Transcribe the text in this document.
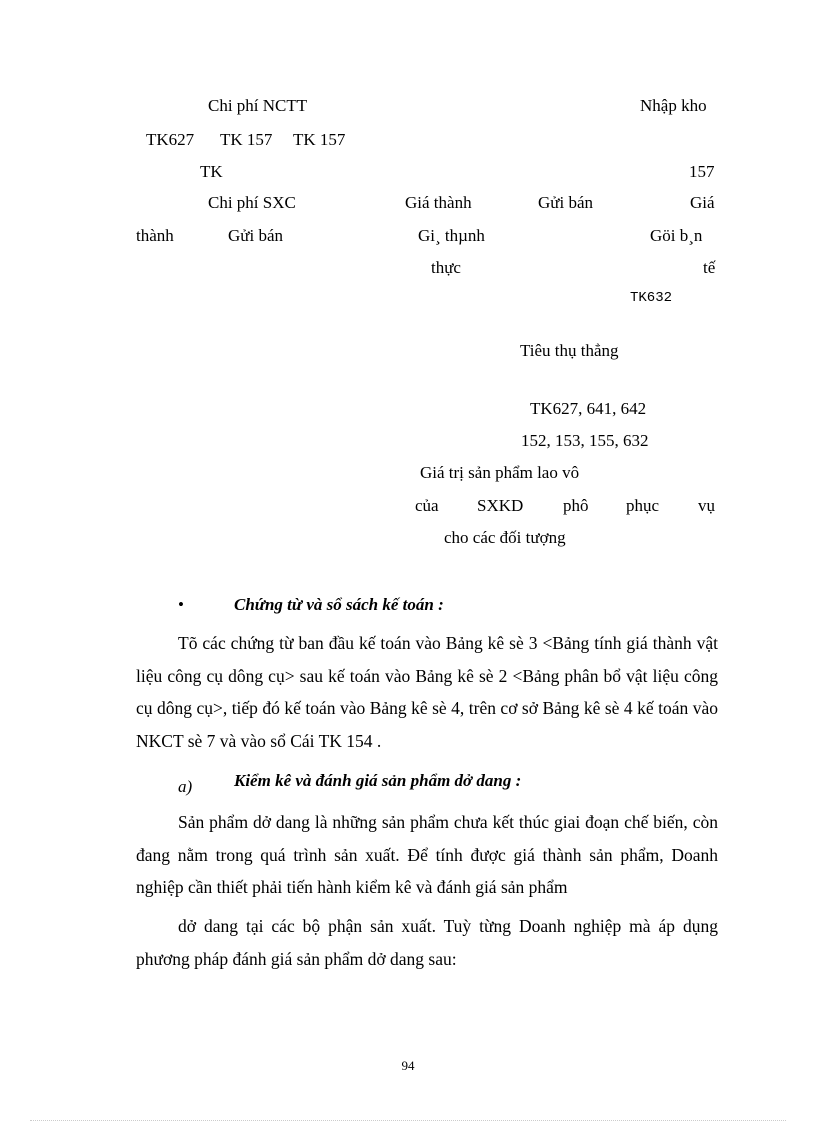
Chi phí NCTT	Nhập kho
TK627 TK 157 TK 157
TK	157
Chi phí SXC	Giá thành	Gửi bán	Giá
thành	Gửi bán	Gi¸ thµnh	Göi b¸n
thực	tế
TK632
Tiêu thụ thẳng
TK627, 641, 642
152, 153, 155, 632
Giá trị sản phẩm lao vô
của SXKD phô phục vụ
cho các đối tượng
•	Chứng từ và sổ sách kế toán :
Tõ các chứng từ ban đầu kế toán vào Bảng kê sè 3 <Bảng tính giá thành vật liệu công cụ dông cụ> sau kế toán vào Bảng kê sè 2 <Bảng phân bổ vật liệu công cụ dông cụ>, tiếp đó kế toán vào Bảng kê sè 4, trên cơ sở Bảng kê sè 4 kế toán vào NKCT sè 7 và vào sổ Cái TK 154 .
a) Kiểm kê và đánh giá sản phẩm dở dang :
Sản phẩm dở dang là những sản phẩm chưa kết thúc giai đoạn chế biến, còn đang nằm trong quá trình sản xuất. Để tính được giá thành sản phẩm, Doanh nghiệp cần thiết phải tiến hành kiểm kê và đánh giá sản phẩm
dở dang tại các bộ phận sản xuất. Tuỳ từng Doanh nghiệp mà áp dụng phương pháp đánh giá sản phẩm dở dang sau:
94
